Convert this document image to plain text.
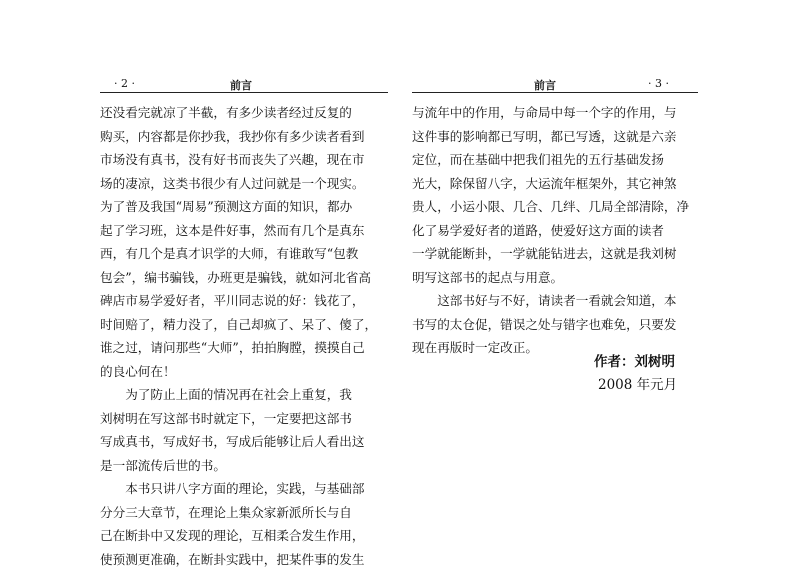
· 2 ·	前言
还没看完就凉了半截，有多少读者经过反复的
购买，内容都是你抄我，我抄你有多少读者看到
市场没有真书，没有好书而丧失了兴趣，现在市
场的凄凉，这类书很少有人过问就是一个现实。
为了普及我国“周易”预测这方面的知识，都办
起了学习班，这本是件好事，然而有几个是真东
西，有几个是真才识学的大师，有谁敢写“包教
包会”，编书骗钱，办班更是骗钱，就如河北省高
碑店市易学爱好者，平川同志说的好：钱花了，
时间赔了，精力没了，自己却疯了、呆了、傻了，
谁之过，请问那些“大师”，拍拍胸膛，摸摸自己
的良心何在！
为了防止上面的情况再在社会上重复，我
刘树明在写这部书时就定下，一定要把这部书
写成真书，写成好书，写成后能够让后人看出这
是一部流传后世的书。
本书只讲八字方面的理论，实践，与基础部
分分三大章节，在理论上集众家新派所长与自
己在断卦中又发现的理论，互相柔合发生作用，
使预测更准确，在断卦实践中，把某件事的发生
前言	· 3 ·
与流年中的作用，与命局中每一个字的作用，与
这件事的影响都已写明，都已写透，这就是六亲
定位，而在基础中把我们祖先的五行基础发扬
光大，除保留八字，大运流年框架外，其它神煞
贵人，小运小限、几合、几绊、几局全部清除，净
化了易学爱好者的道路，使爱好这方面的读者
一学就能断卦，一学就能钻进去，这就是我刘树
明写这部书的起点与用意。
这部书好与不好，请读者一看就会知道，本
书写的太仓促，错误之处与错字也难免，只要发
现在再版时一定改正。
作者：刘树明
2008 年元月
